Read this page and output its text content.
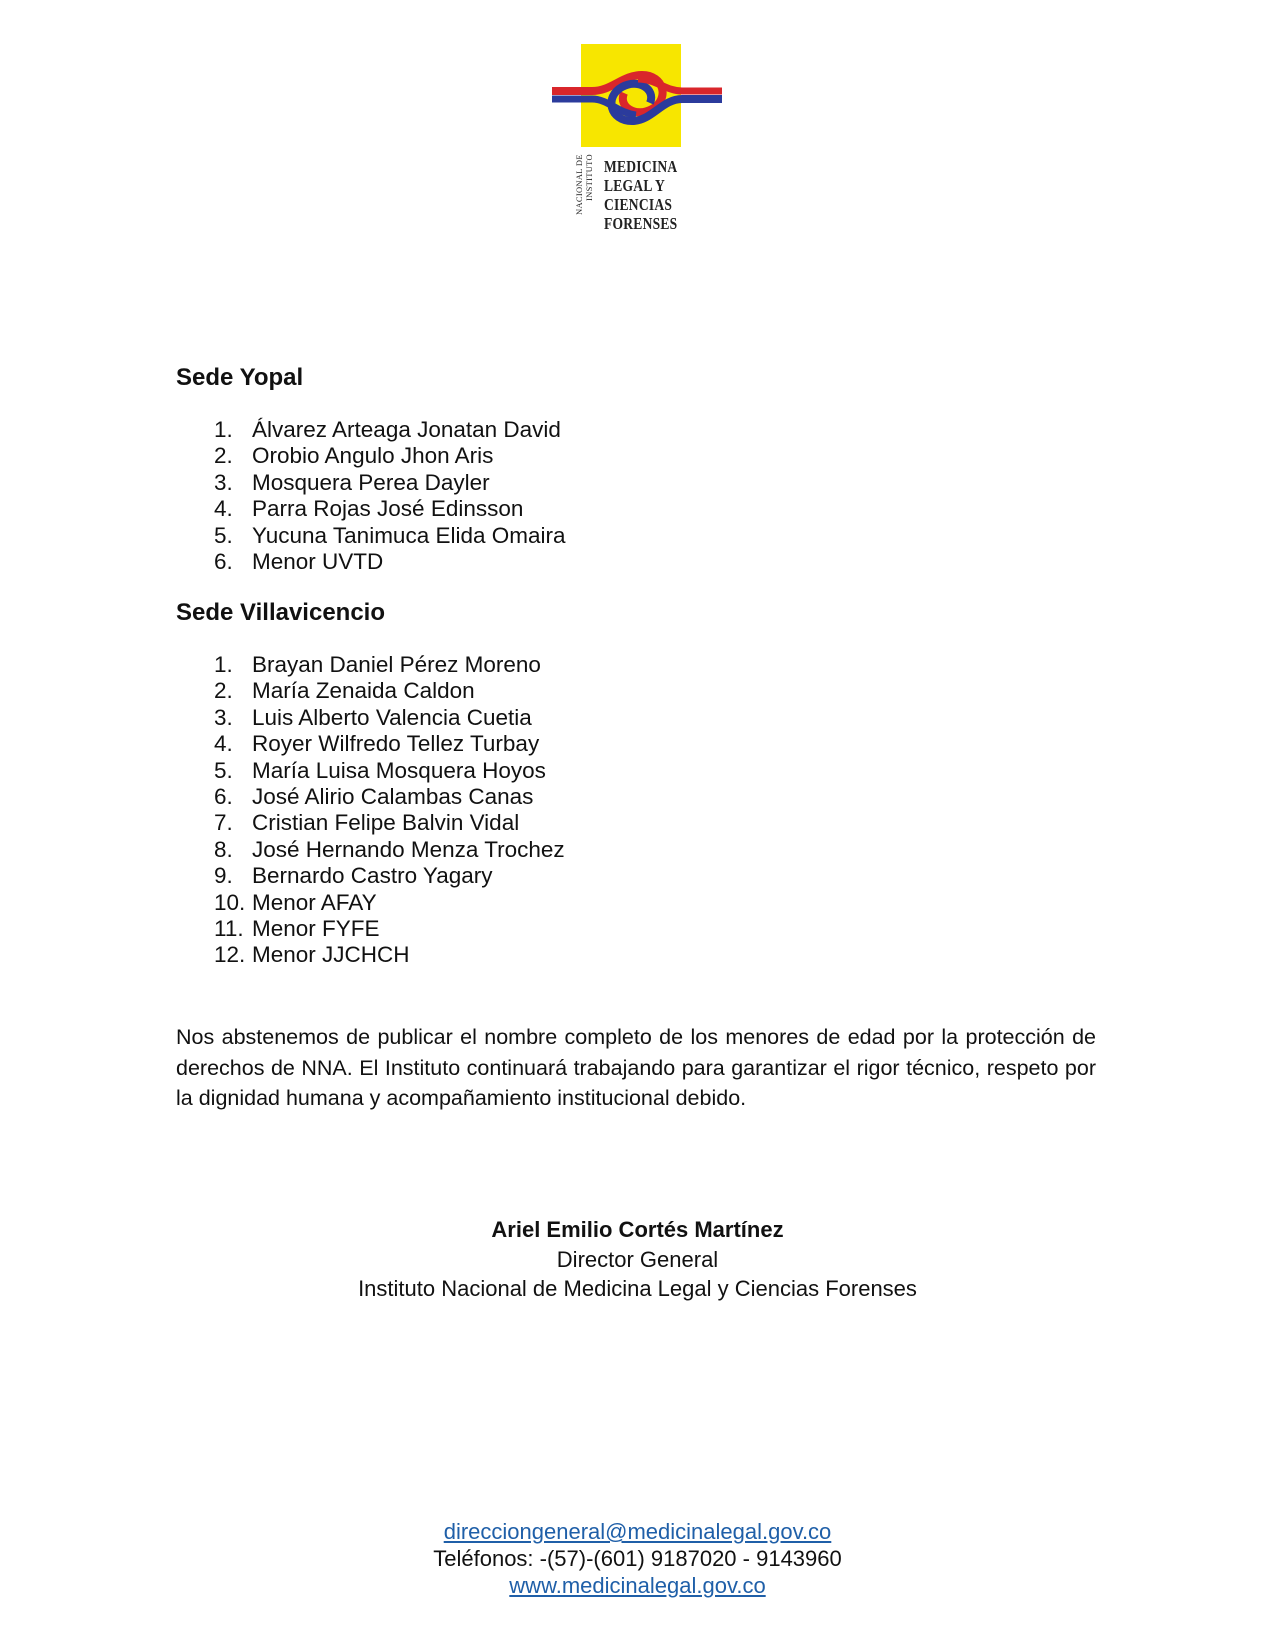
INSTITUTO
NACIONAL DE MEDICINA
LEGAL Y
CIENCIAS
FORENSES
Sede Yopal
1. Álvarez Arteaga Jonatan David
2. Orobio Angulo Jhon Aris
3. Mosquera Perea Dayler
4. Parra Rojas José Edinsson
5. Yucuna Tanimuca Elida Omaira
6. Menor UVTD
Sede Villavicencio
1. Brayan Daniel Pérez Moreno
2. María Zenaida Caldon
3. Luis Alberto Valencia Cuetia
4. Royer Wilfredo Tellez Turbay
5. María Luisa Mosquera Hoyos
6. José Alirio Calambas Canas
7. Cristian Felipe Balvin Vidal
8. José Hernando Menza Trochez
9. Bernardo Castro Yagary
10. Menor AFAY
11. Menor FYFE
12. Menor JJCHCH

Nos abstenemos de publicar el nombre completo de los menores de edad por la protección de derechos de NNA. El Instituto continuará trabajando para garantizar el rigor técnico, respeto por la dignidad humana y acompañamiento institucional debido.

Ariel Emilio Cortés Martínez
Director General
Instituto Nacional de Medicina Legal y Ciencias Forenses
direcciongeneral@medicinalegal.gov.co
Teléfonos: -(57)-(601) 9187020 - 9143960
www.medicinalegal.gov.co
